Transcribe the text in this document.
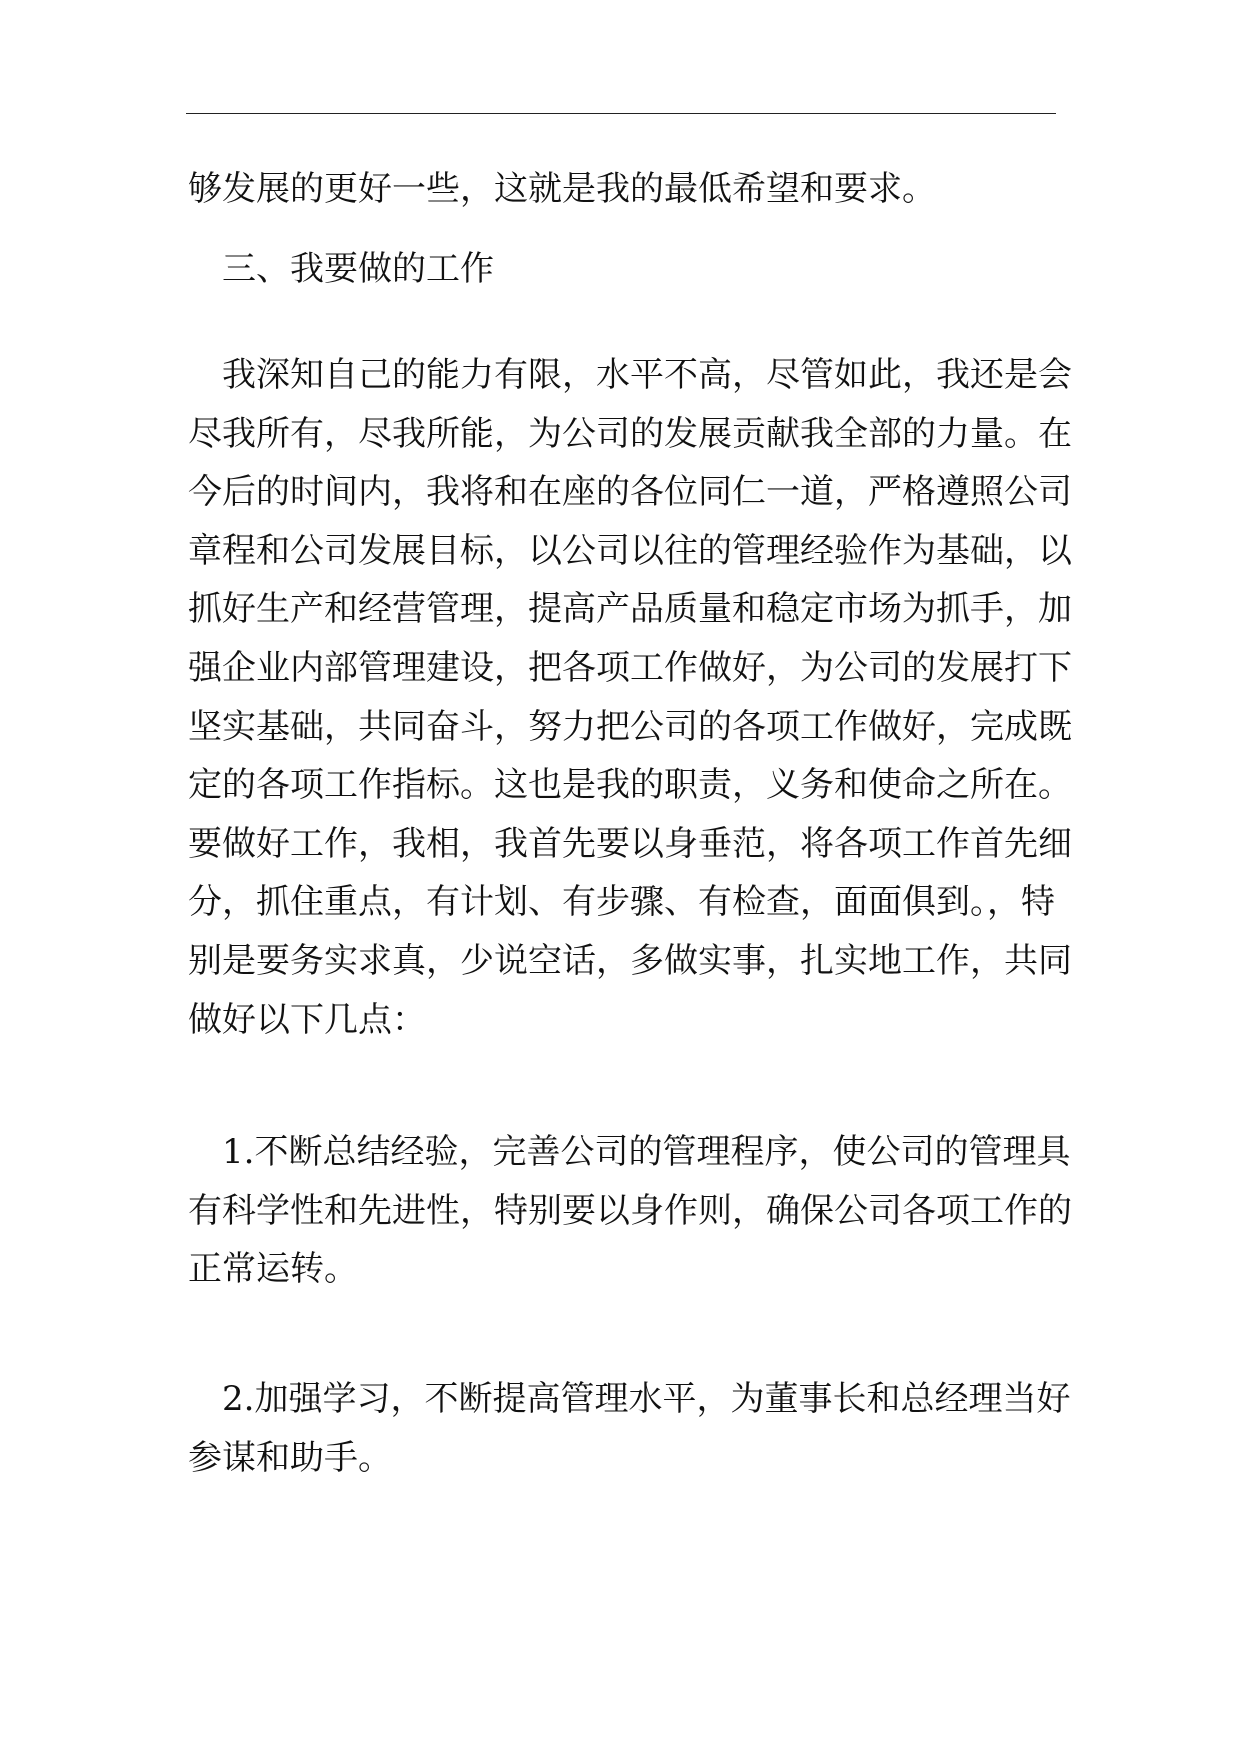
够发展的更好一些，这就是我的最低希望和要求。

三、我要做的工作

我深知自己的能力有限，水平不高，尽管如此，我还是会
尽我所有，尽我所能，为公司的发展贡献我全部的力量。在
今后的时间内，我将和在座的各位同仁一道，严格遵照公司
章程和公司发展目标，以公司以往的管理经验作为基础，以
抓好生产和经营管理，提高产品质量和稳定市场为抓手，加
强企业内部管理建设，把各项工作做好，为公司的发展打下
坚实基础，共同奋斗，努力把公司的各项工作做好，完成既
定的各项工作指标。这也是我的职责，义务和使命之所在。
要做好工作，我相，我首先要以身垂范，将各项工作首先细
分，抓住重点，有计划、有步骤、有检查，面面俱到。，特
别是要务实求真，少说空话，多做实事，扎实地工作，共同
做好以下几点：

1.不断总结经验，完善公司的管理程序，使公司的管理具
有科学性和先进性，特别要以身作则，确保公司各项工作的
正常运转。

2.加强学习，不断提高管理水平，为董事长和总经理当好
参谋和助手。
